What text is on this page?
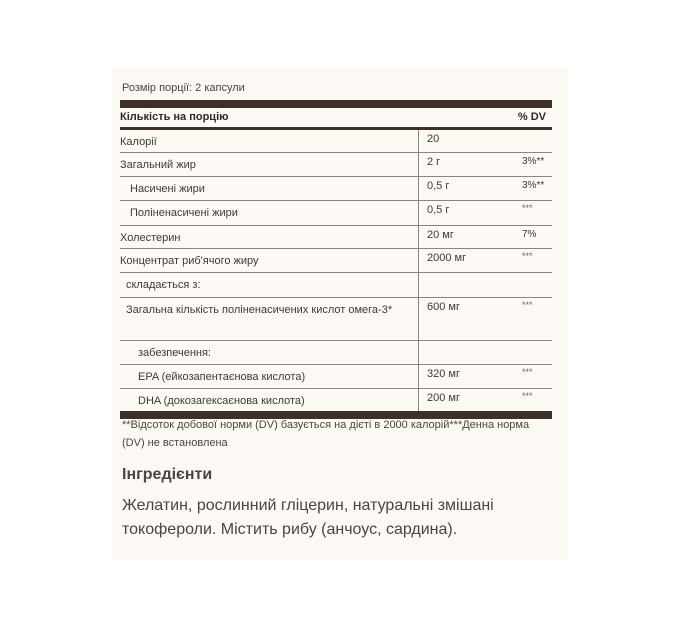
Розмір порції: 2 капсули
Кількість на порцію	% DV
Калорії	20
Загальний жир	2 г	3%**
Насичені жири	0,5 г	3%**
Поліненасичені жири	0,5 г	***
Холестерин	20 мг	7%
Концентрат риб'ячого жиру	2000 мг	***
складається з:
Загальна кількість поліненасичених кислот омега-3*	600 мг	***
забезпечення:
EPA (ейкозапентаєнова кислота)	320 мг	***
DHA (докозагексаєнова кислота)	200 мг	***
**Відсоток добової норми (DV) базується на дієті в 2000 калорій***Денна норма (DV) не встановлена
Інгредієнти
Желатин, рослинний гліцерин, натуральні змішані токофероли. Містить рибу (анчоус, сардина).
